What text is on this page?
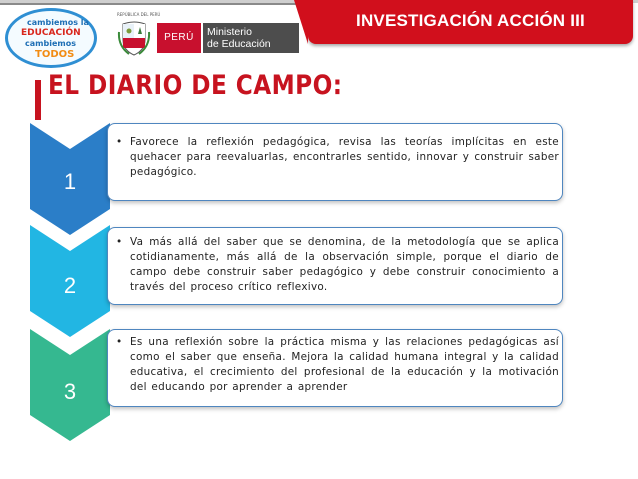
cambiemos la
EDUCACIÓN
cambiemos
TODOS
REPÚBLICA DEL PERÚ
PERÚ	Ministerio
de Educación
INVESTIGACIÓN ACCIÓN III
EL DIARIO DE CAMPO:
1
• Favorece la reflexión pedagógica, revisa las teorías implícitas en este quehacer para reevaluarlas, encontrarles sentido, innovar y construir saber pedagógico.
2
• Va más allá del saber que se denomina, de la metodología que se aplica cotidianamente, más allá de la observación simple, porque el diario de campo debe construir saber pedagógico y debe construir conocimiento a través del proceso crítico reflexivo.
3
• Es una reflexión sobre la práctica misma y las relaciones pedagógicas así como el saber que enseña. Mejora la calidad humana integral y la calidad educativa, el crecimiento del profesional de la educación y la motivación del educando por aprender a aprender
